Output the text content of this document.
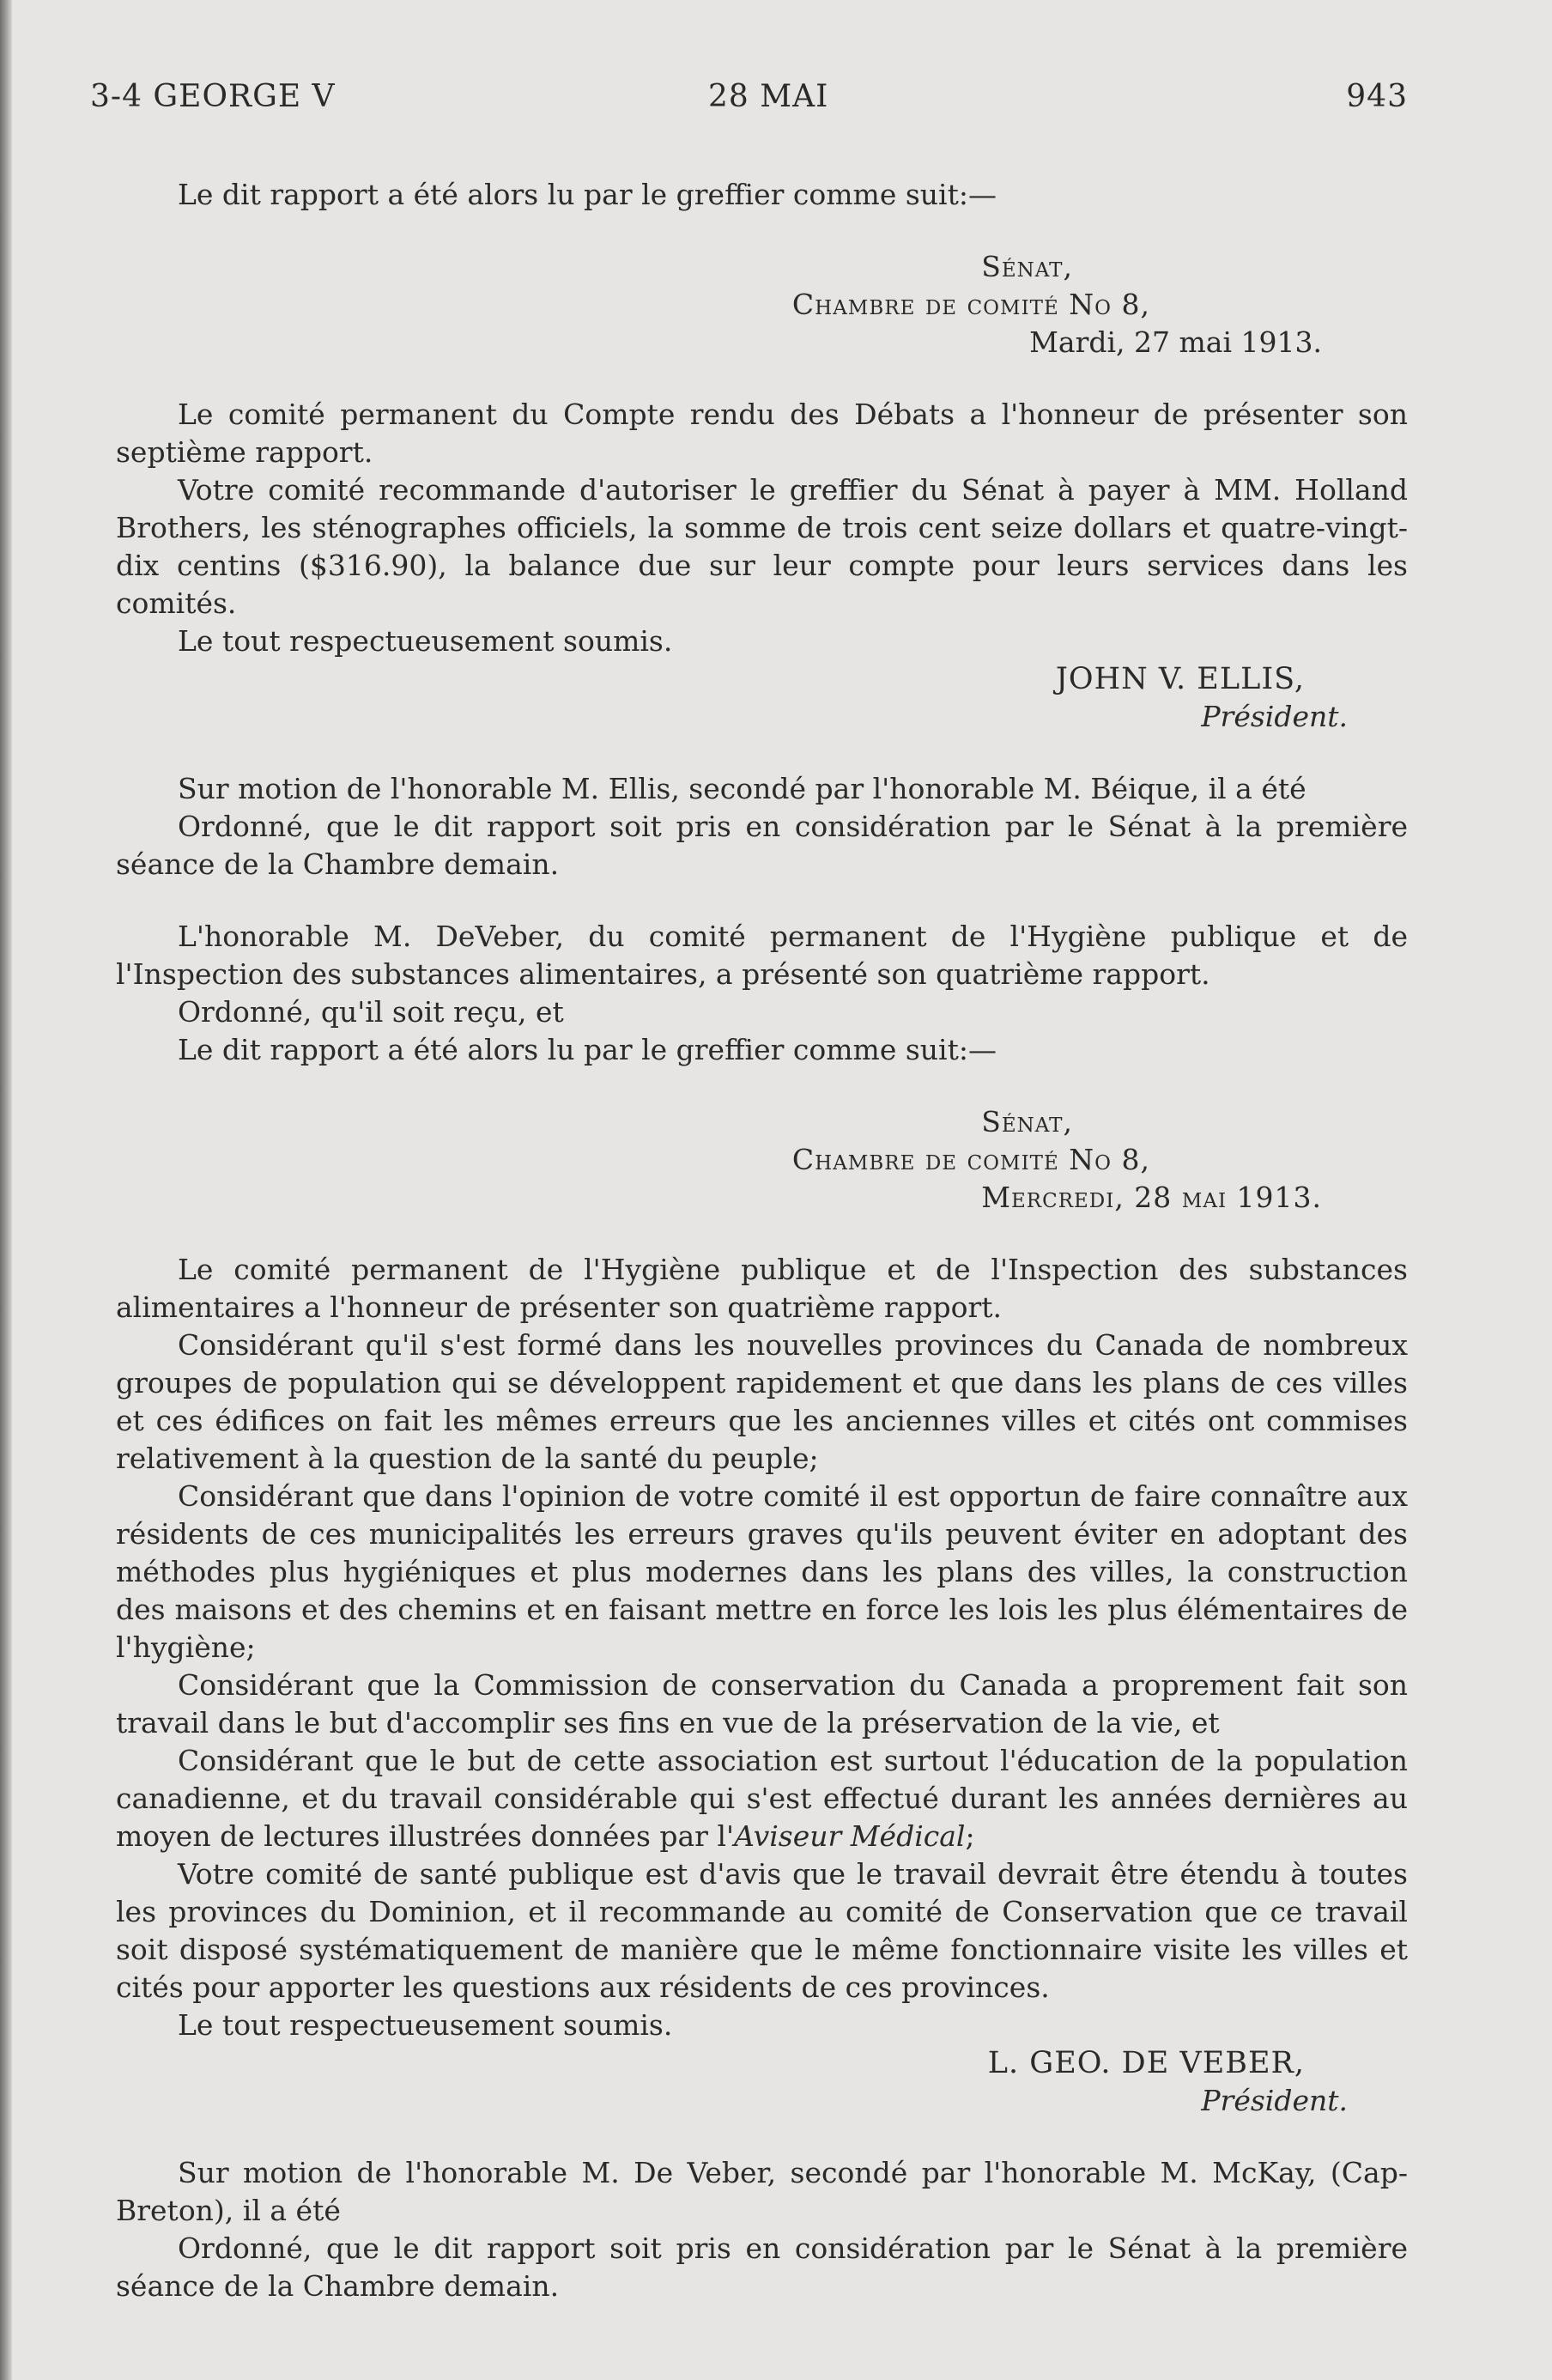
3-4 GEORGE V	28 MAI	943

Le dit rapport a été alors lu par le greffier comme suit:—

Sénat,
Chambre de comité No 8,
Mardi, 27 mai 1913.

Le comité permanent du Compte rendu des Débats a l'honneur de présenter son septième rapport.

Votre comité recommande d'autoriser le greffier du Sénat à payer à MM. Holland Brothers, les sténographes officiels, la somme de trois cent seize dollars et quatre-vingt-dix centins ($316.90), la balance due sur leur compte pour leurs services dans les comités.

Le tout respectueusement soumis.

JOHN V. ELLIS,
Président.

Sur motion de l'honorable M. Ellis, secondé par l'honorable M. Béique, il a été

Ordonné, que le dit rapport soit pris en considération par le Sénat à la première séance de la Chambre demain.

L'honorable M. DeVeber, du comité permanent de l'Hygiène publique et de l'Inspection des substances alimentaires, a présenté son quatrième rapport.

Ordonné, qu'il soit reçu, et

Le dit rapport a été alors lu par le greffier comme suit:—

Sénat,
Chambre de comité No 8,
Mercredi, 28 mai 1913.

Le comité permanent de l'Hygiène publique et de l'Inspection des substances alimentaires a l'honneur de présenter son quatrième rapport.

Considérant qu'il s'est formé dans les nouvelles provinces du Canada de nombreux groupes de population qui se développent rapidement et que dans les plans de ces villes et ces édifices on fait les mêmes erreurs que les anciennes villes et cités ont commises relativement à la question de la santé du peuple;

Considérant que dans l'opinion de votre comité il est opportun de faire connaître aux résidents de ces municipalités les erreurs graves qu'ils peuvent éviter en adoptant des méthodes plus hygiéniques et plus modernes dans les plans des villes, la construction des maisons et des chemins et en faisant mettre en force les lois les plus élémentaires de l'hygiène;

Considérant que la Commission de conservation du Canada a proprement fait son travail dans le but d'accomplir ses fins en vue de la préservation de la vie, et

Considérant que le but de cette association est surtout l'éducation de la population canadienne, et du travail considérable qui s'est effectué durant les années dernières au moyen de lectures illustrées données par l'Aviseur Médical;

Votre comité de santé publique est d'avis que le travail devrait être étendu à toutes les provinces du Dominion, et il recommande au comité de Conservation que ce travail soit disposé systématiquement de manière que le même fonctionnaire visite les villes et cités pour apporter les questions aux résidents de ces provinces.

Le tout respectueusement soumis.

L. GEO. DE VEBER,
Président.

Sur motion de l'honorable M. De Veber, secondé par l'honorable M. McKay, (Cap-Breton), il a été

Ordonné, que le dit rapport soit pris en considération par le Sénat à la première séance de la Chambre demain.
